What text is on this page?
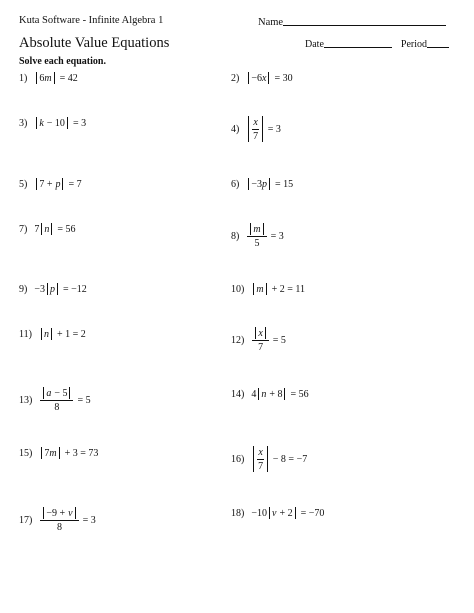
Kuta Software - Infinite Algebra 1	Name
Absolute Value Equations	Date	Period
Solve each equation.
1) 6 m = 42	2) −6 x = 30
3) k − 10 = 3
$4) \frac{x}{7} = 3$
5) 7 + p = 7	6) −3 p = 15
7) 7 n = 56
$8) \frac{m}{5} = 3$
9) −3 p = −12	10) m + 2 = 11
11) n + 1 = 2
$12) \frac{x}{7} = 5$
$13) \frac{a - 5}{8} = 5$
14) 4 n + 8 = 56
15) 7 m + 3 = 73
$16) \frac{x}{7} - 8 = -7$
$17) \frac{-9 + v}{8} = 3$
18) −10 v + 2 = −70
